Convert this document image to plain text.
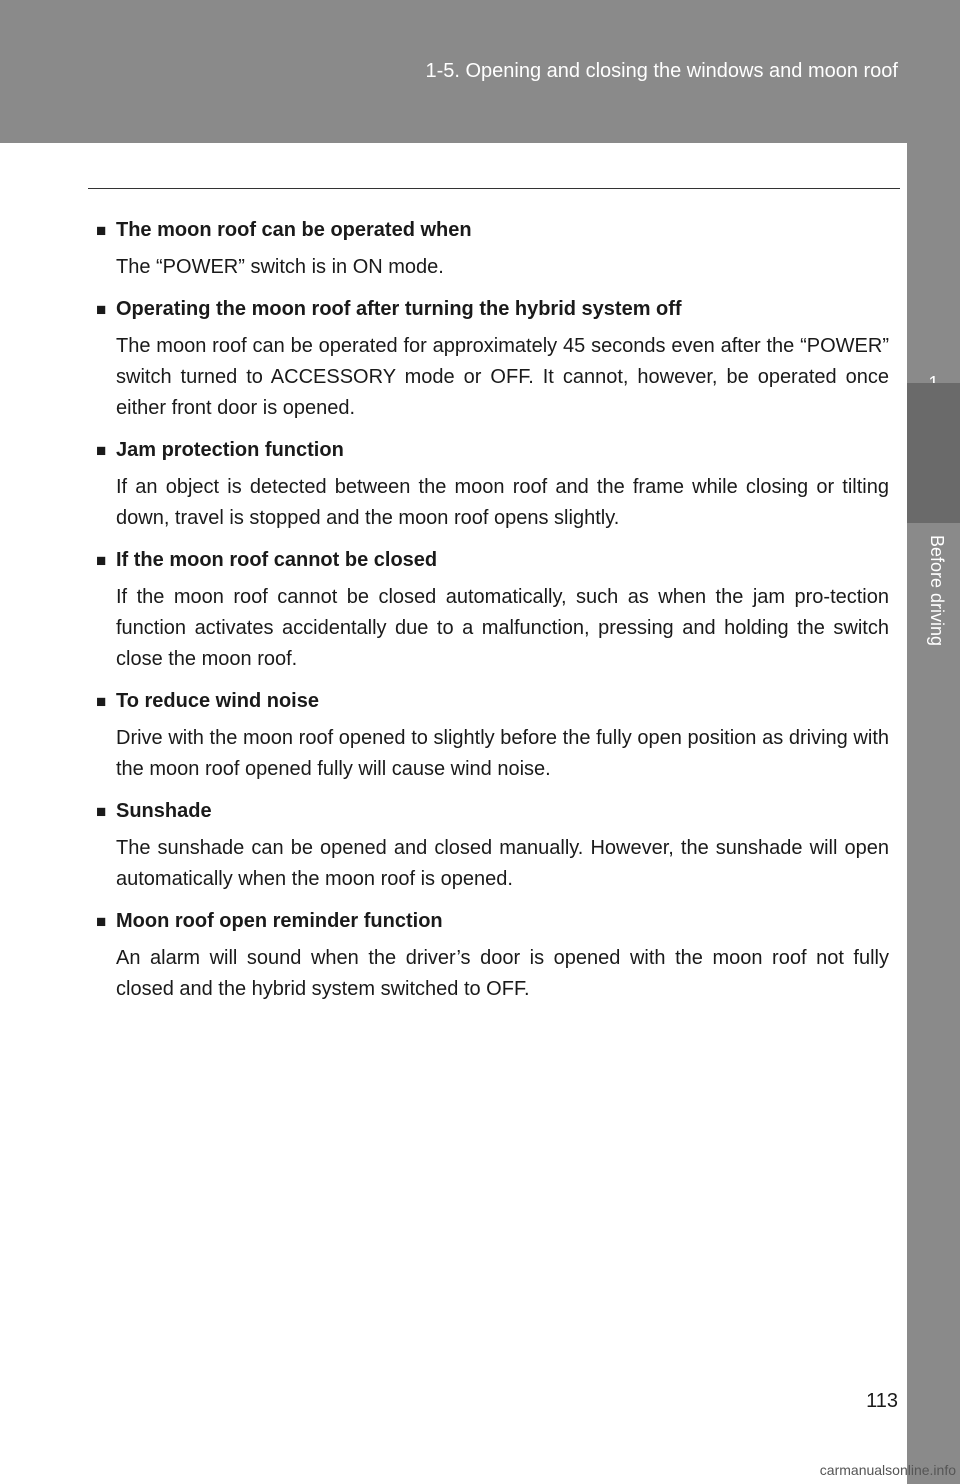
1-5. Opening and closing the windows and moon roof
Before driving
■ The moon roof can be operated when
The “POWER” switch is in ON mode.
■ Operating the moon roof after turning the hybrid system off
The moon roof can be operated for approximately 45 seconds even after the “POWER” switch turned to ACCESSORY mode or OFF. It cannot, however, be operated once either front door is opened.
■ Jam protection function
If an object is detected between the moon roof and the frame while closing or tilting down, travel is stopped and the moon roof opens slightly.
■ If the moon roof cannot be closed
If the moon roof cannot be closed automatically, such as when the jam pro-tection function activates accidentally due to a malfunction, pressing and holding the switch close the moon roof.
■ To reduce wind noise
Drive with the moon roof opened to slightly before the fully open position as driving with the moon roof opened fully will cause wind noise.
■ Sunshade
The sunshade can be opened and closed manually. However, the sunshade will open automatically when the moon roof is opened.
■ Moon roof open reminder function
An alarm will sound when the driver’s door is opened with the moon roof not fully closed and the hybrid system switched to OFF.
113
carmanualsonline.info
